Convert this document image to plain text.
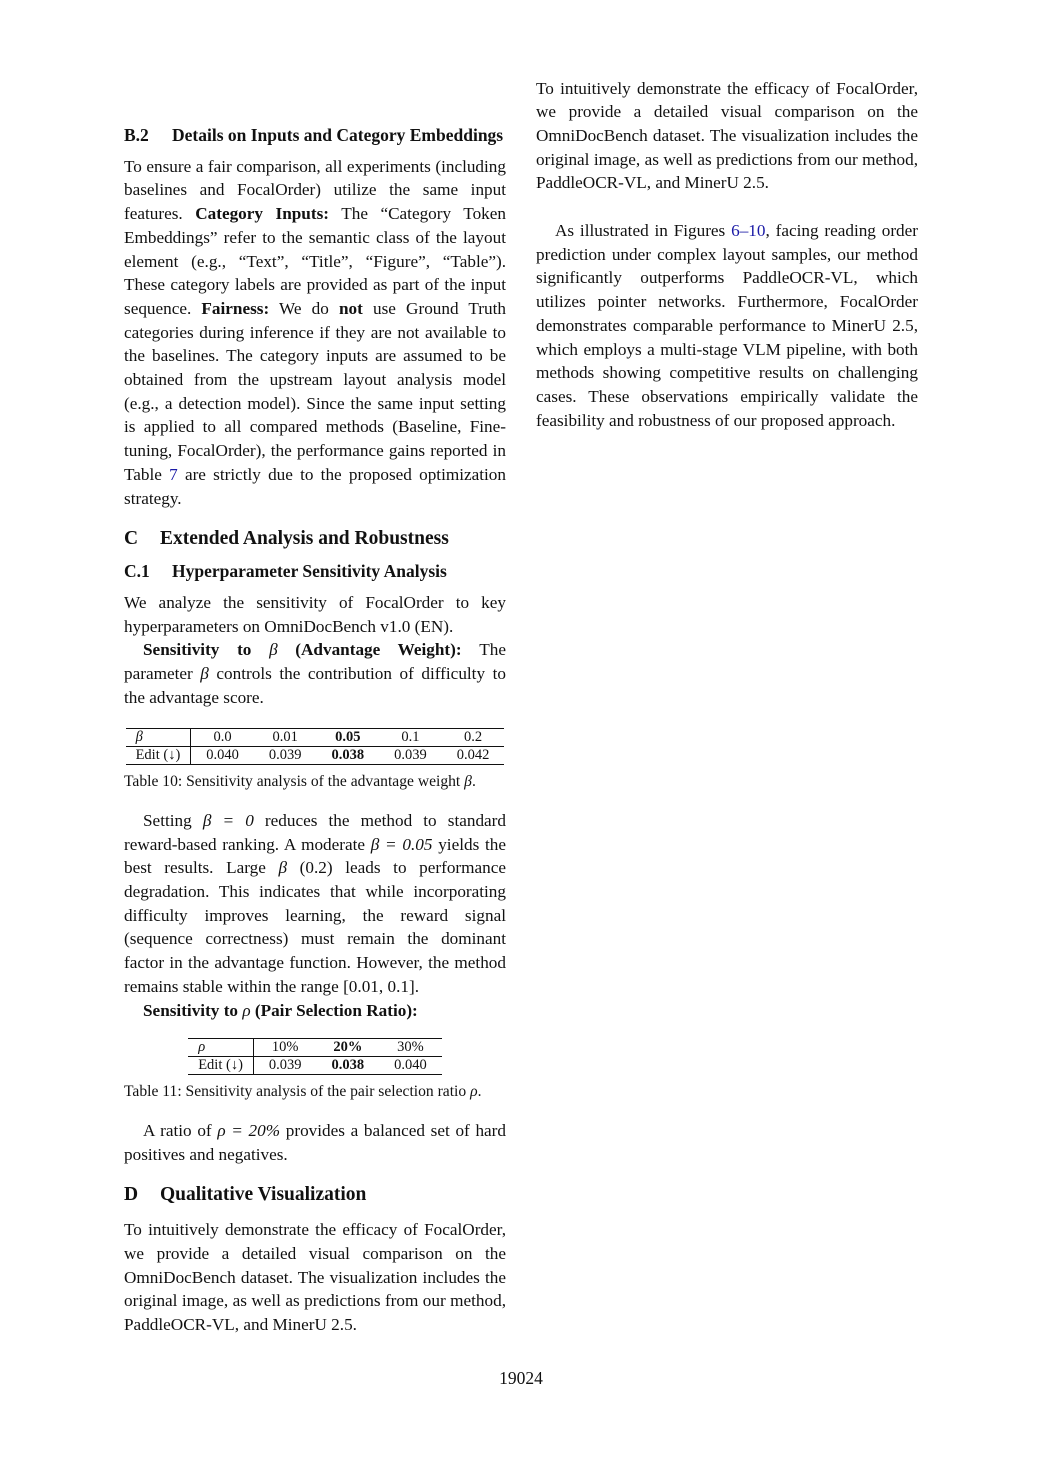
B.2	Details on Inputs and Category Embeddings

To ensure a fair comparison, all experiments (including baselines and FocalOrder) utilize the same input features. Category Inputs: The “Category Token Embeddings” refer to the semantic class of the layout element (e.g., “Text”, “Title”, “Figure”, “Table”). These category labels are provided as part of the input sequence. Fairness: We do not use Ground Truth categories during inference if they are not available to the baselines. The category inputs are assumed to be obtained from the upstream layout analysis model (e.g., a detection model). Since the same input setting is applied to all compared methods (Baseline, Fine-tuning, FocalOrder), the performance gains reported in Table 7 are strictly due to the proposed optimization strategy.

C	Extended Analysis and Robustness
C.1	Hyperparameter Sensitivity Analysis

We analyze the sensitivity of FocalOrder to key hyperparameters on OmniDocBench v1.0 (EN).

Sensitivity to β (Advantage Weight): The parameter β controls the contribution of difficulty to the advantage score.

β	0.0	0.01	0.05	0.1	0.2
Edit (↓)	0.040	0.039	0.038	0.039	0.042

Table 10: Sensitivity analysis of the advantage weight β.

Setting β = 0 reduces the method to standard reward-based ranking. A moderate β = 0.05 yields the best results. Large β (0.2) leads to performance degradation. This indicates that while incorporating difficulty improves learning, the reward signal (sequence correctness) must remain the dominant factor in the advantage function. However, the method remains stable within the range [0.01, 0.1].

Sensitivity to ρ (Pair Selection Ratio):

ρ	10%	20%	30%
Edit (↓)	0.039	0.038	0.040

Table 11: Sensitivity analysis of the pair selection ratio ρ.

A ratio of ρ = 20% provides a balanced set of hard positives and negatives.

D	Qualitative Visualization

To intuitively demonstrate the efficacy of FocalOrder, we provide a detailed visual comparison on the OmniDocBench dataset. The visualization includes the original image, as well as predictions from our method, PaddleOCR-VL, and MinerU 2.5.

To intuitively demonstrate the efficacy of FocalOrder, we provide a detailed visual comparison on the OmniDocBench dataset. The visualization includes the original image, as well as predictions from our method, PaddleOCR-VL, and MinerU 2.5.

As illustrated in Figures 6–10, facing reading order prediction under complex layout samples, our method significantly outperforms PaddleOCR-VL, which utilizes pointer networks. Furthermore, FocalOrder demonstrates comparable performance to MinerU 2.5, which employs a multi-stage VLM pipeline, with both methods showing competitive results on challenging cases. These observations empirically validate the feasibility and robustness of our proposed approach.

19024
